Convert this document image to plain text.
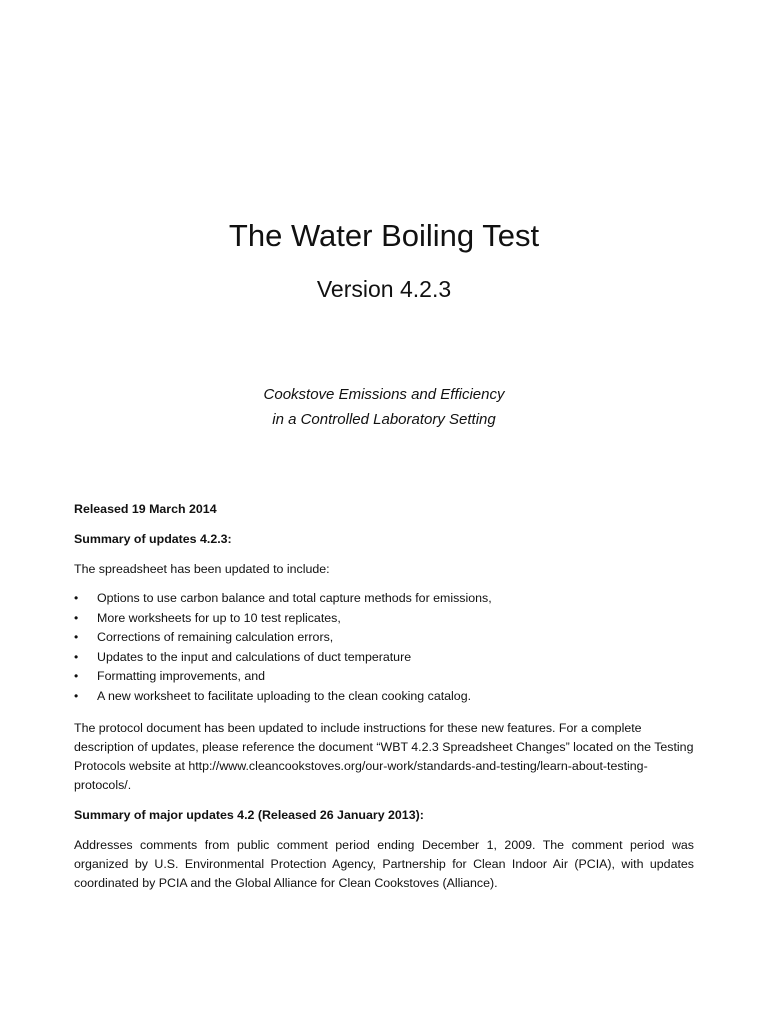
The Water Boiling Test
Version 4.2.3
Cookstove Emissions and Efficiency
in a Controlled Laboratory Setting

Released 19 March 2014

Summary of updates 4.2.3:

The spreadsheet has been updated to include:

• Options to use carbon balance and total capture methods for emissions,
• More worksheets for up to 10 test replicates,
• Corrections of remaining calculation errors,
• Updates to the input and calculations of duct temperature
• Formatting improvements, and
• A new worksheet to facilitate uploading to the clean cooking catalog.

The protocol document has been updated to include instructions for these new features. For a complete description of updates, please reference the document “WBT 4.2.3 Spreadsheet Changes” located on the Testing Protocols website at http://www.cleancookstoves.org/our-work/standards-and-testing/learn-about-testing-protocols/.

Summary of major updates 4.2 (Released 26 January 2013):

Addresses comments from public comment period ending December 1, 2009. The comment period was organized by U.S. Environmental Protection Agency, Partnership for Clean Indoor Air (PCIA), with updates coordinated by PCIA and the Global Alliance for Clean Cookstoves (Alliance).
